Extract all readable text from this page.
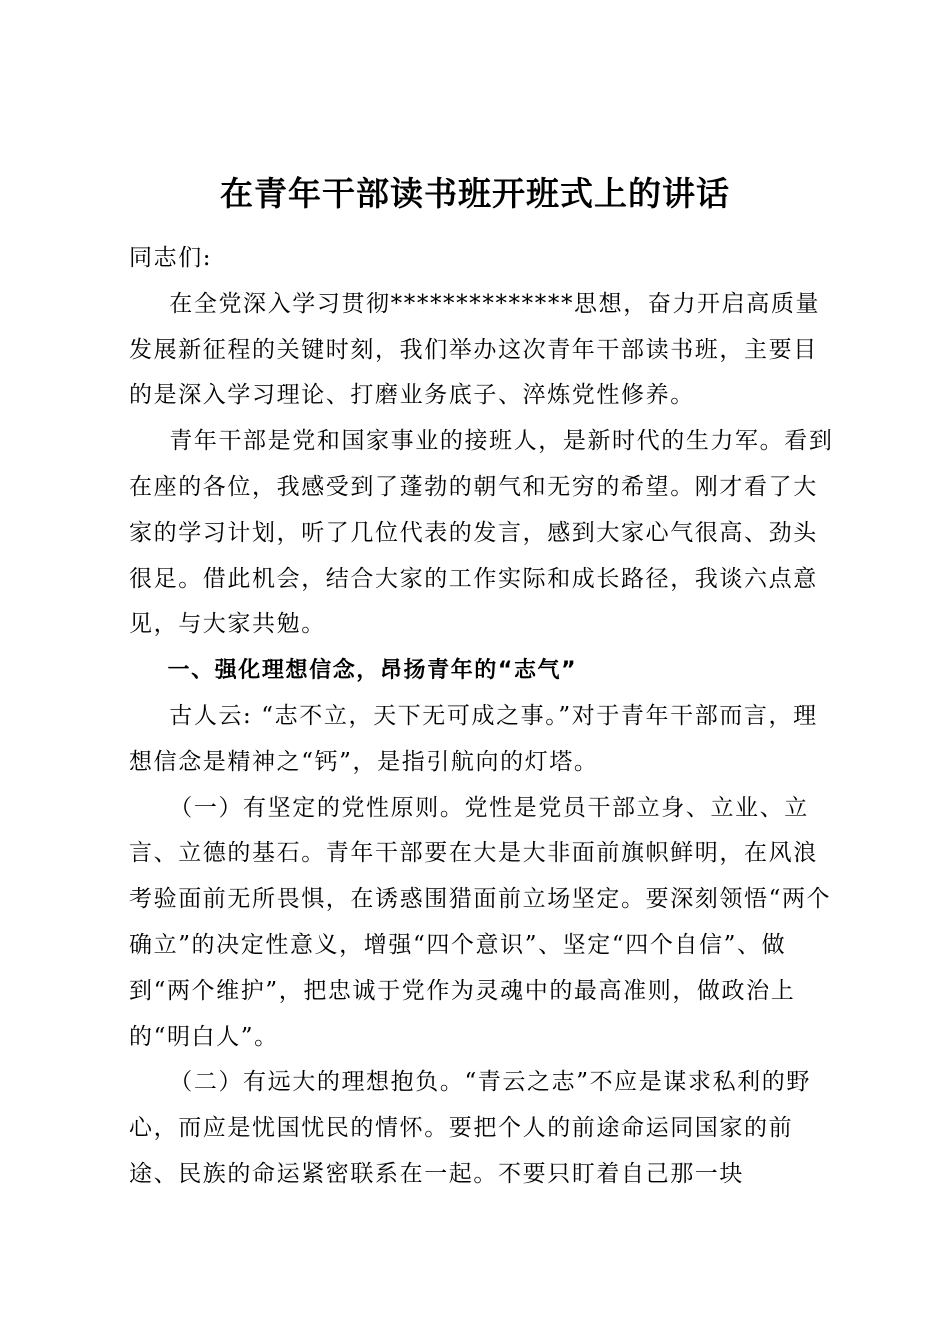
在青年干部读书班开班式上的讲话

同志们:

在全党深入学习贯彻**************思想，奋力开启高质量发展新征程的关键时刻，我们举办这次青年干部读书班，主要目的是深入学习理论、打磨业务底子、淬炼党性修养。

青年干部是党和国家事业的接班人，是新时代的生力军。看到在座的各位，我感受到了蓬勃的朝气和无穷的希望。刚才看了大家的学习计划，听了几位代表的发言，感到大家心气很高、劲头很足。借此机会，结合大家的工作实际和成长路径，我谈六点意见，与大家共勉。

一、强化理想信念，昂扬青年的“志气”

古人云: “志不立，天下无可成之事。”对于青年干部而言，理想信念是精神之“钙”，是指引航向的灯塔。

（一）有坚定的党性原则。党性是党员干部立身、立业、立言、立德的基石。青年干部要在大是大非面前旗帜鲜明，在风浪考验面前无所畏惧，在诱惑围猎面前立场坚定。要深刻领悟“两个确立”的决定性意义，增强“四个意识”、坚定“四个自信”、做到“两个维护”，把忠诚于党作为灵魂中的最高准则，做政治上的“明白人”。

（二）有远大的理想抱负。“青云之志”不应是谋求私利的野心，而应是忧国忧民的情怀。要把个人的前途命运同国家的前途、民族的命运紧密联系在一起。不要只盯着自己那一块
